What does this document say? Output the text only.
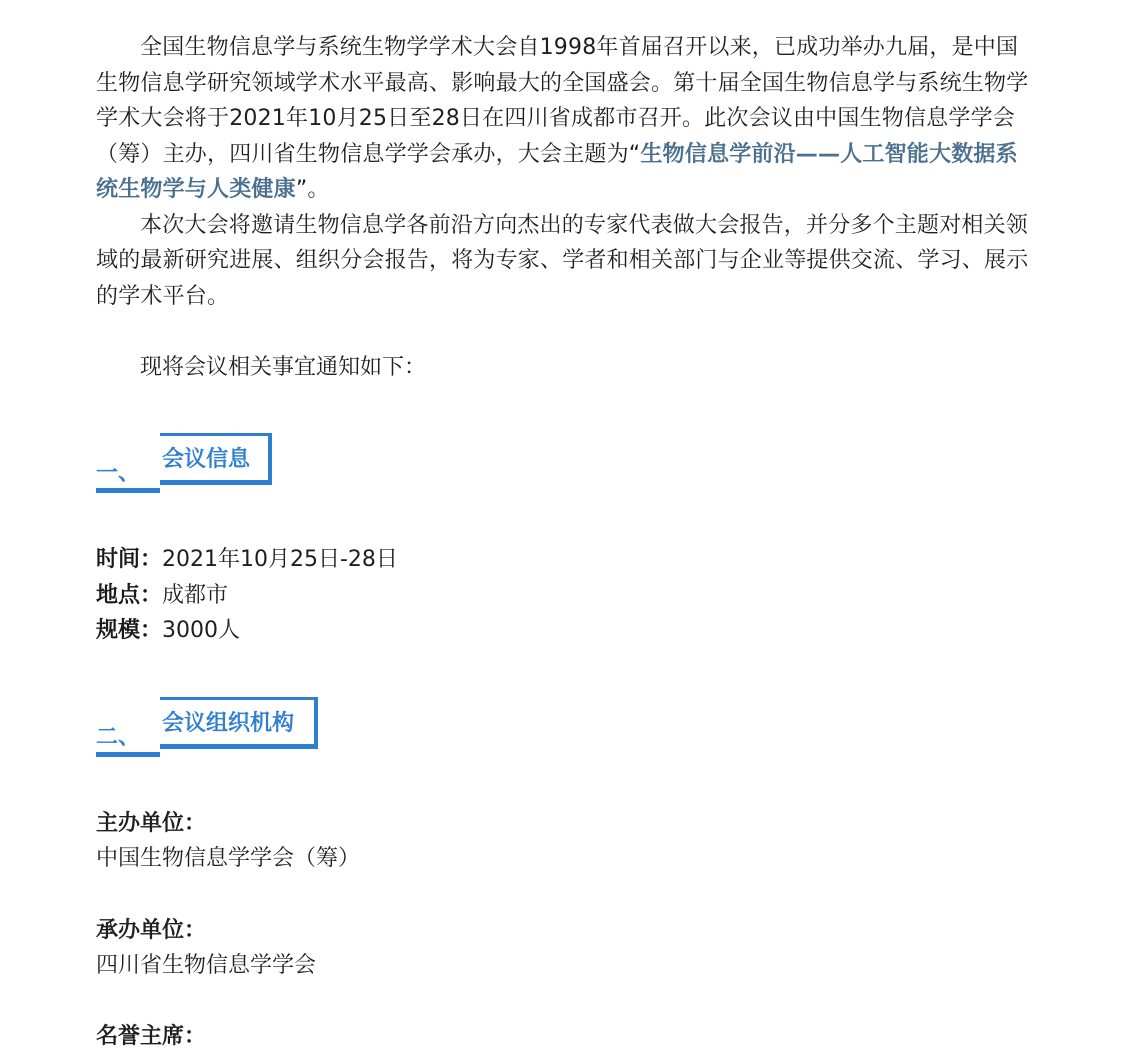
全国生物信息学与系统生物学学术大会自1998年首届召开以来，已成功举办九届，是中国生物信息学研究领域学术水平最高、影响最大的全国盛会。第十届全国生物信息学与系统生物学学术大会将于2021年10月25日至28日在四川省成都市召开。此次会议由中国生物信息学学会（筹）主办，四川省生物信息学学会承办，大会主题为“生物信息学前沿——人工智能大数据系统生物学与人类健康”。

本次大会将邀请生物信息学各前沿方向杰出的专家代表做大会报告，并分多个主题对相关领域的最新研究进展、组织分会报告，将为专家、学者和相关部门与企业等提供交流、学习、展示的学术平台。

现将会议相关事宜通知如下：
一、
会议信息
时间：2021年10月25日-28日
地点：成都市
规模：3000人
二、
会议组织机构
主办单位：
中国生物信息学学会（筹）
承办单位：
四川省生物信息学学会
名誉主席：
